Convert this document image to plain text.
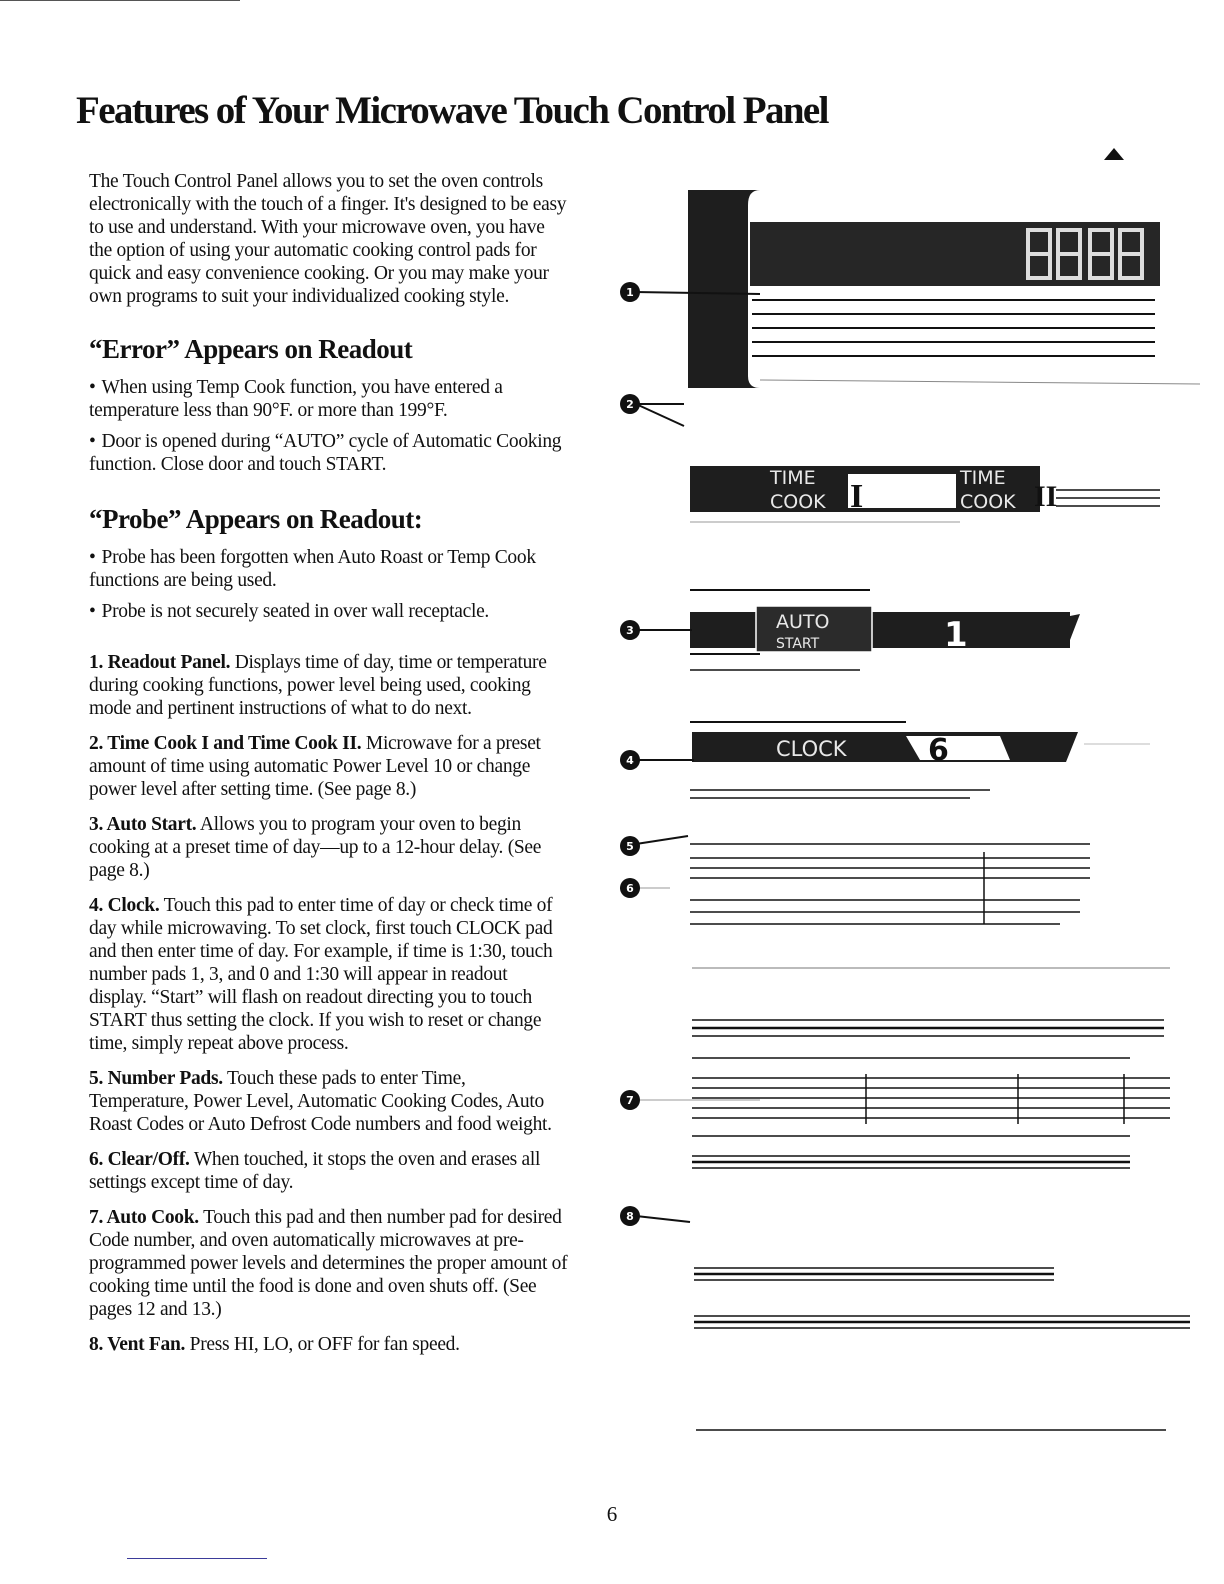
Features of Your Microwave Touch Control Panel

The Touch Control Panel allows you to set the oven controls electronically with the touch of a finger. It's designed to be easy to use and understand. With your microwave oven, you have the option of using your automatic cooking control pads for quick and easy convenience cooking. Or you may make your own programs to suit your individualized cooking style.

“Error” Appears on Readout
• When using Temp Cook function, you have entered a temperature less than 90°F. or more than 199°F.
• Door is opened during “AUTO” cycle of Automatic Cooking function. Close door and touch START.
“Probe” Appears on Readout:
• Probe has been forgotten when Auto Roast or Temp Cook functions are being used.
• Probe is not securely seated in over wall receptacle.
1. Readout Panel. Displays time of day, time or temperature during cooking functions, power level being used, cooking mode and pertinent instructions of what to do next.
2. Time Cook I and Time Cook II. Microwave for a preset amount of time using automatic Power Level 10 or change power level after setting time. (See page 8.)
3. Auto Start. Allows you to program your oven to begin cooking at a preset time of day—up to a 12-hour delay. (See page 8.)
4. Clock. Touch this pad to enter time of day or check time of day while microwaving. To set clock, first touch CLOCK pad and then enter time of day. For example, if time is 1:30, touch number pads 1, 3, and 0 and 1:30 will appear in readout display. “Start” will flash on readout directing you to touch START thus setting the clock. If you wish to reset or change time, simply repeat above process.
5. Number Pads. Touch these pads to enter Time, Temperature, Power Level, Automatic Cooking Codes, Auto Roast Codes or Auto Defrost Code numbers and food weight.
6. Clear/Off. When touched, it stops the oven and erases all settings except time of day.
7. Auto Cook. Touch this pad and then number pad for desired Code number, and oven automatically microwaves at pre-programmed power levels and determines the proper amount of cooking time until the food is done and oven shuts off. (See pages 12 and 13.)
8. Vent Fan. Press HI, LO, or OFF for fan speed.
TIME
COOK I	TIME
COOK II
AUTO
START	1
CLOCK	6
1
2
3
4
5
6
7
8
6
